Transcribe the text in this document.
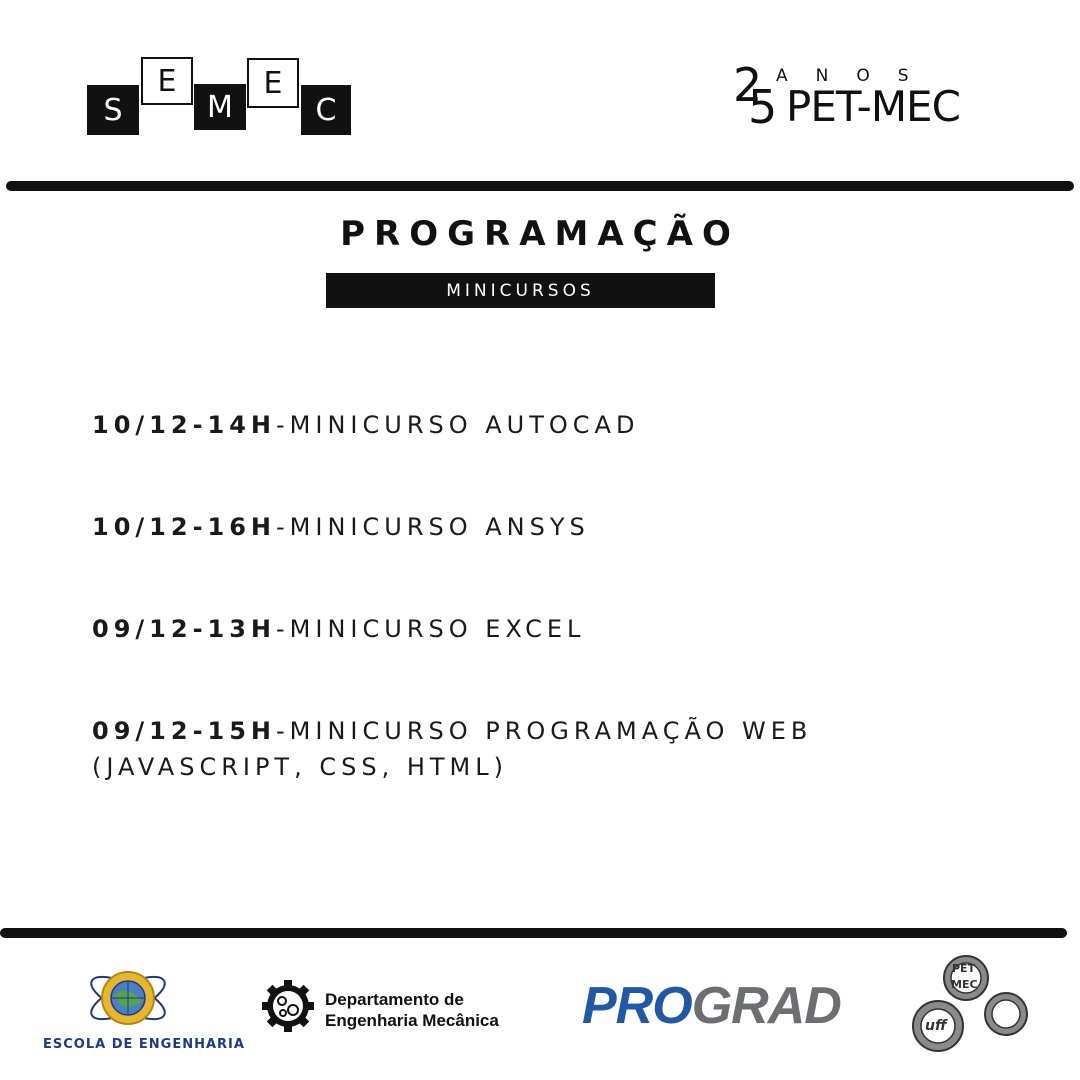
S
E
M
E
C	2
5
ANOS
PET-MEC
PROGRAMAÇÃO
MINICURSOS
10/12-14H-MINICURSO AUTOCAD
10/12-16H-MINICURSO ANSYS
09/12-13H-MINICURSO EXCEL
09/12-15H-MINICURSO PROGRAMAÇÃO WEB (JAVASCRIPT, CSS, HTML)
ESCOLA DE ENGENHARIA
Departamento de
Engenharia Mecânica PROGRAD
PET
MEC
uff
